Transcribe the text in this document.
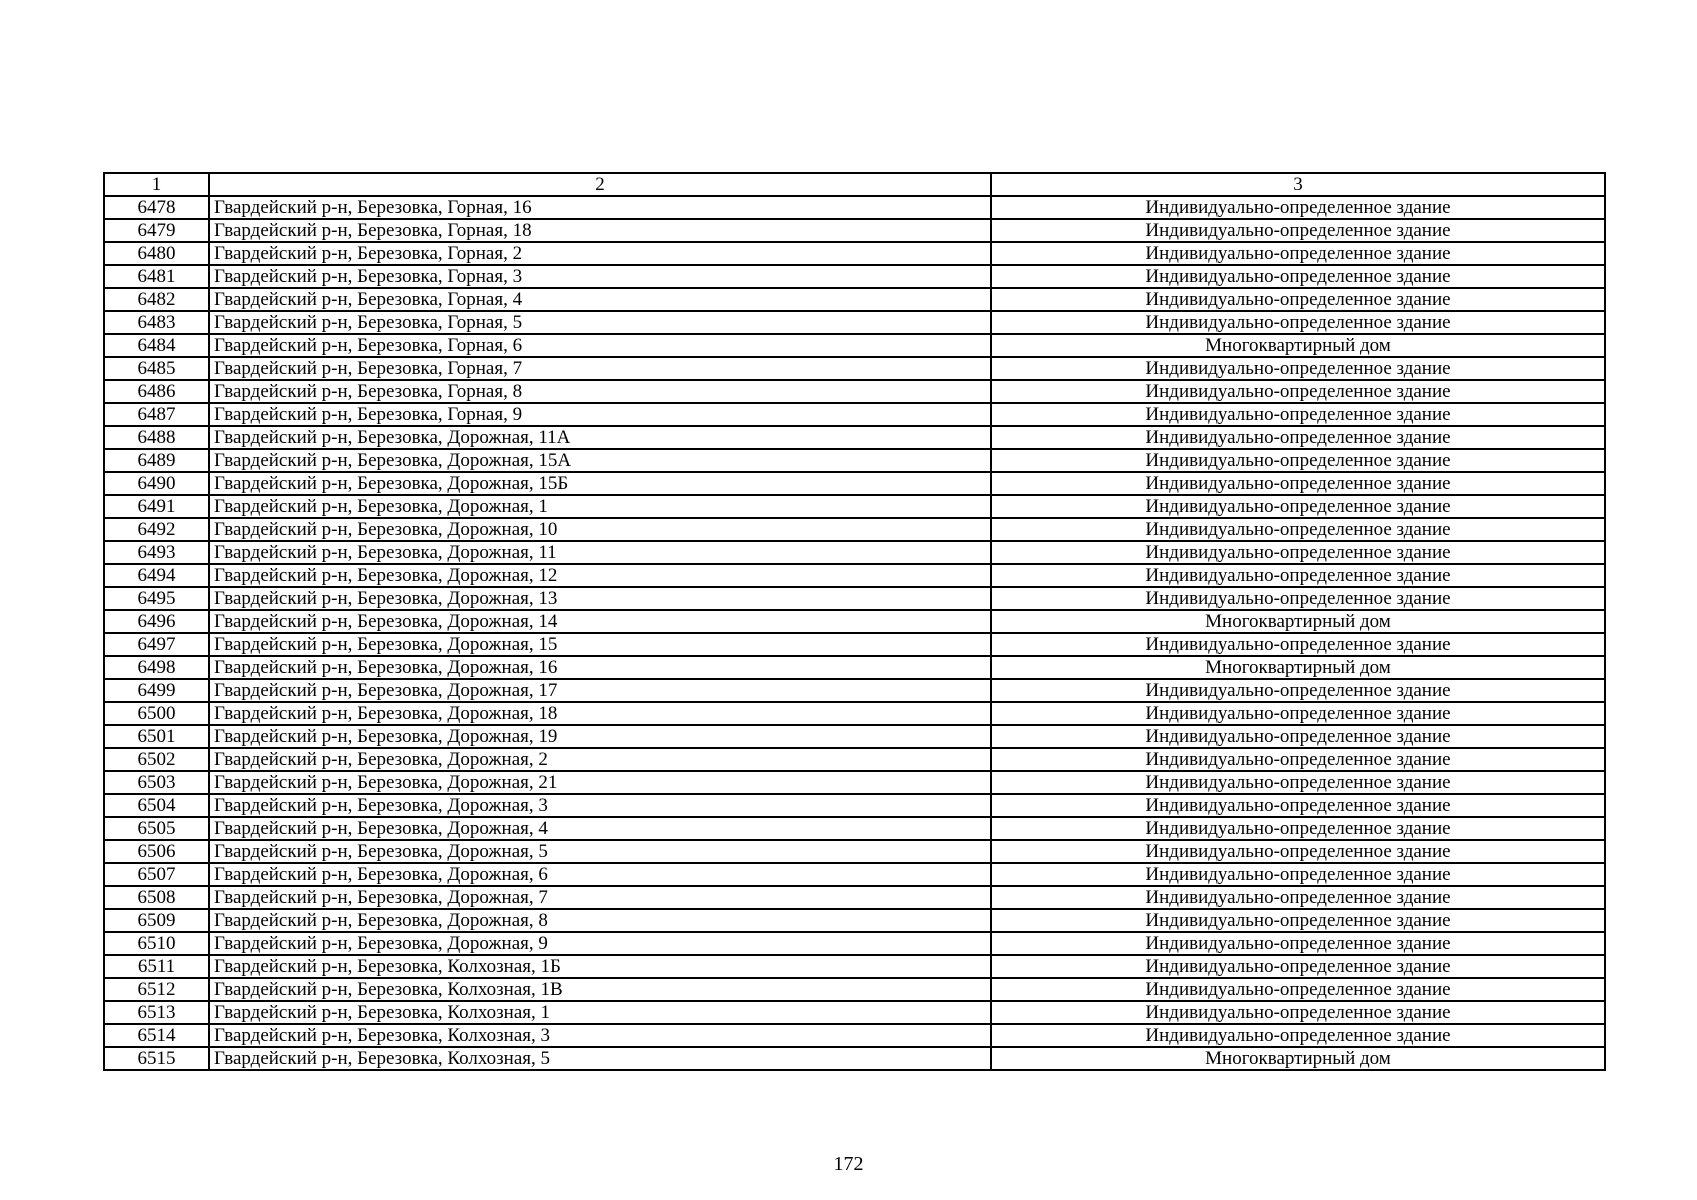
1	2	3
6478	Гвардейский р-н, Березовка, Горная, 16	Индивидуально-определенное здание
6479	Гвардейский р-н, Березовка, Горная, 18	Индивидуально-определенное здание
6480	Гвардейский р-н, Березовка, Горная, 2	Индивидуально-определенное здание
6481	Гвардейский р-н, Березовка, Горная, 3	Индивидуально-определенное здание
6482	Гвардейский р-н, Березовка, Горная, 4	Индивидуально-определенное здание
6483	Гвардейский р-н, Березовка, Горная, 5	Индивидуально-определенное здание
6484	Гвардейский р-н, Березовка, Горная, 6	Многоквартирный дом
6485	Гвардейский р-н, Березовка, Горная, 7	Индивидуально-определенное здание
6486	Гвардейский р-н, Березовка, Горная, 8	Индивидуально-определенное здание
6487	Гвардейский р-н, Березовка, Горная, 9	Индивидуально-определенное здание
6488	Гвардейский р-н, Березовка, Дорожная, 11А	Индивидуально-определенное здание
6489	Гвардейский р-н, Березовка, Дорожная, 15А	Индивидуально-определенное здание
6490	Гвардейский р-н, Березовка, Дорожная, 15Б	Индивидуально-определенное здание
6491	Гвардейский р-н, Березовка, Дорожная, 1	Индивидуально-определенное здание
6492	Гвардейский р-н, Березовка, Дорожная, 10	Индивидуально-определенное здание
6493	Гвардейский р-н, Березовка, Дорожная, 11	Индивидуально-определенное здание
6494	Гвардейский р-н, Березовка, Дорожная, 12	Индивидуально-определенное здание
6495	Гвардейский р-н, Березовка, Дорожная, 13	Индивидуально-определенное здание
6496	Гвардейский р-н, Березовка, Дорожная, 14	Многоквартирный дом
6497	Гвардейский р-н, Березовка, Дорожная, 15	Индивидуально-определенное здание
6498	Гвардейский р-н, Березовка, Дорожная, 16	Многоквартирный дом
6499	Гвардейский р-н, Березовка, Дорожная, 17	Индивидуально-определенное здание
6500	Гвардейский р-н, Березовка, Дорожная, 18	Индивидуально-определенное здание
6501	Гвардейский р-н, Березовка, Дорожная, 19	Индивидуально-определенное здание
6502	Гвардейский р-н, Березовка, Дорожная, 2	Индивидуально-определенное здание
6503	Гвардейский р-н, Березовка, Дорожная, 21	Индивидуально-определенное здание
6504	Гвардейский р-н, Березовка, Дорожная, 3	Индивидуально-определенное здание
6505	Гвардейский р-н, Березовка, Дорожная, 4	Индивидуально-определенное здание
6506	Гвардейский р-н, Березовка, Дорожная, 5	Индивидуально-определенное здание
6507	Гвардейский р-н, Березовка, Дорожная, 6	Индивидуально-определенное здание
6508	Гвардейский р-н, Березовка, Дорожная, 7	Индивидуально-определенное здание
6509	Гвардейский р-н, Березовка, Дорожная, 8	Индивидуально-определенное здание
6510	Гвардейский р-н, Березовка, Дорожная, 9	Индивидуально-определенное здание
6511	Гвардейский р-н, Березовка, Колхозная, 1Б	Индивидуально-определенное здание
6512	Гвардейский р-н, Березовка, Колхозная, 1В	Индивидуально-определенное здание
6513	Гвардейский р-н, Березовка, Колхозная, 1	Индивидуально-определенное здание
6514	Гвардейский р-н, Березовка, Колхозная, 3	Индивидуально-определенное здание
6515	Гвардейский р-н, Березовка, Колхозная, 5	Многоквартирный дом
172
